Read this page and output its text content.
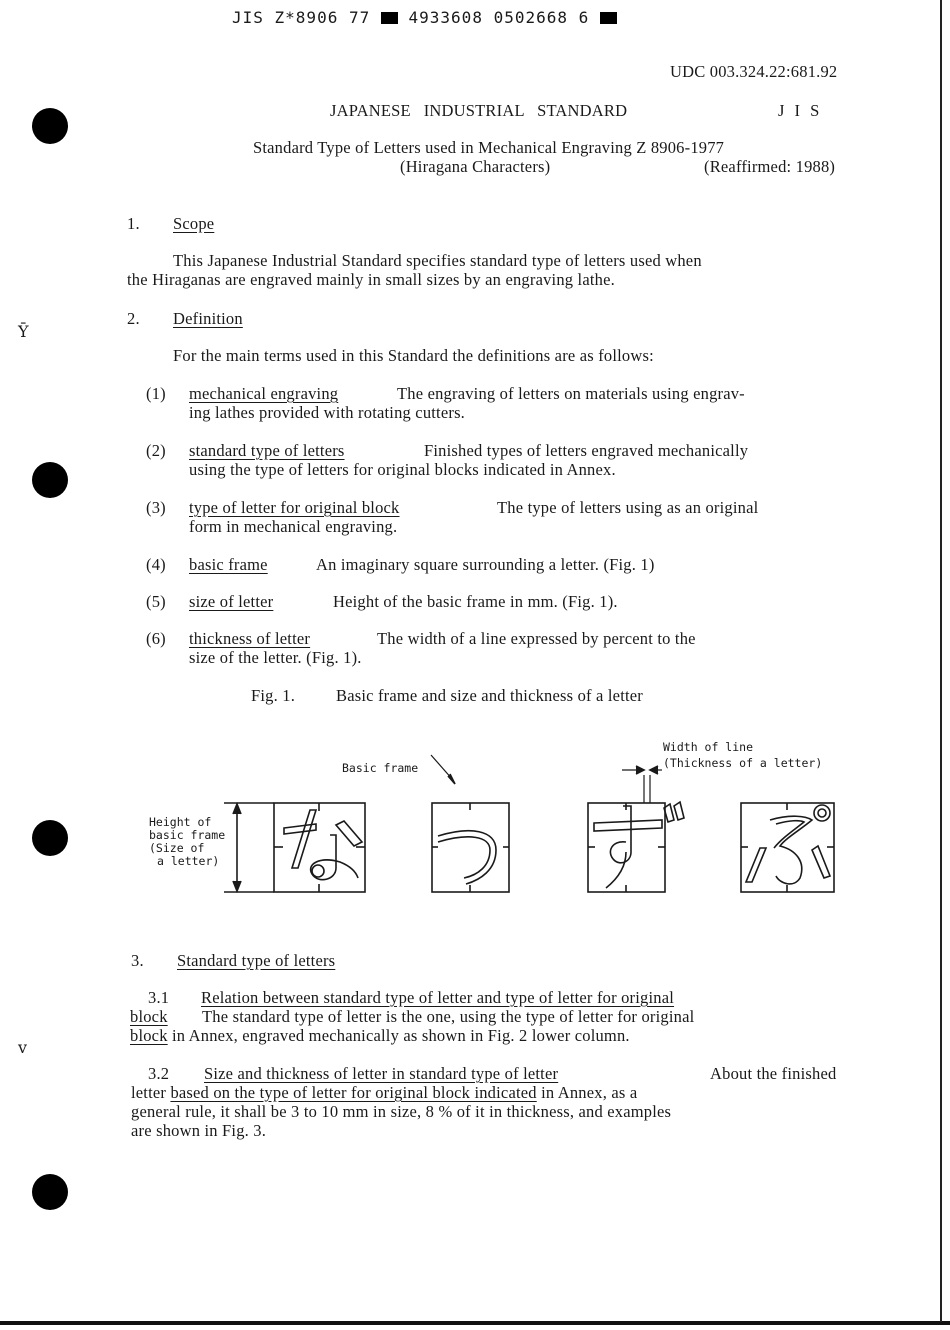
Ȳ
v
JIS Z*8906 77 4933608 0502668 6
UDC 003.324.22:681.92
JAPANESE   INDUSTRIAL   STANDARD	J I S
Standard Type of Letters used in Mechanical Engraving Z 8906-1977
(Hiragana Characters)	(Reaffirmed: 1988)
1. Scope
This Japanese Industrial Standard specifies standard type of letters used when
the Hiraganas are engraved mainly in small sizes by an engraving lathe.
2. Definition
For the main terms used in this Standard the definitions are as follows:
(1) mechanical engraving	The engraving of letters on materials using engrav-
ing lathes provided with rotating cutters.
(2) standard type of letters	Finished types of letters engraved mechanically
using the type of letters for original blocks indicated in Annex.
(3) type of letter for original block	The type of letters using as an original
form in mechanical engraving.
(4) basic frame	An imaginary square surrounding a letter. (Fig. 1)
(5) size of letter	Height of the basic frame in mm. (Fig. 1).
(6) thickness of letter	The width of a line expressed by percent to the
size of the letter. (Fig. 1).
Fig. 1. Basic frame and size and thickness of a letter
Basic frame
Width of line
(Thickness of a letter)
Height of
basic frame
(Size of
a letter)
3. Standard type of letters
3.1 Relation between standard type of letter and type of letter for original
block The standard type of letter is the one, using the type of letter for original
block in Annex, engraved mechanically as shown in Fig. 2 lower column.
3.2 Size and thickness of letter in standard type of letter	About the finished
letter based on the type of letter for original block indicated in Annex, as a
general rule, it shall be 3 to 10 mm in size, 8 % of it in thickness, and examples
are shown in Fig. 3.
